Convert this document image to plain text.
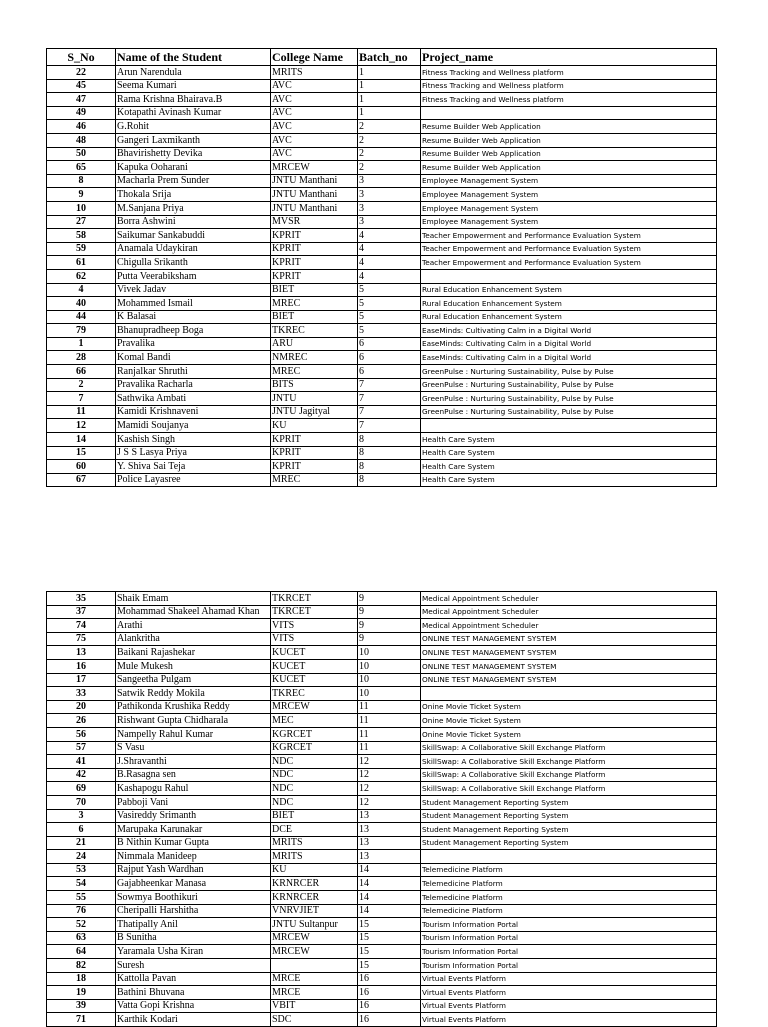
S_No	Name of the Student	College Name	Batch_no	Project_name
22	Arun Narendula	MRITS	1	Fitness Tracking and Wellness platform
45	Seema Kumari	AVC	1	Fitness Tracking and Wellness platform
47	Rama Krishna Bhairava.B	AVC	1	Fitness Tracking and Wellness platform
49	Kotapathi Avinash Kumar	AVC	1	
46	G.Rohit	AVC	2	Resume Builder Web Application
48	Gangeri Laxmikanth	AVC	2	Resume Builder Web Application
50	Bhavirishetty Devika	AVC	2	Resume Builder Web Application
65	Kapuka Ooharani	MRCEW	2	Resume Builder Web Application
8	Macharla Prem Sunder	JNTU Manthani	3	Employee Management System
9	Thokala Srija	JNTU Manthani	3	Employee Management System
10	M.Sanjana Priya	JNTU Manthani	3	Employee Management System
27	Borra Ashwini	MVSR	3	Employee Management System
58	Saikumar Sankabuddi	KPRIT	4	Teacher Empowerment and Performance Evaluation System
59	Anamala Udaykiran	KPRIT	4	Teacher Empowerment and Performance Evaluation System
61	Chigulla Srikanth	KPRIT	4	Teacher Empowerment and Performance Evaluation System
62	Putta Veerabiksham	KPRIT	4	
4	Vivek Jadav	BIET	5	Rural Education Enhancement System
40	Mohammed Ismail	MREC	5	Rural Education Enhancement System
44	K Balasai	BIET	5	Rural Education Enhancement System
79	Bhanupradheep Boga	TKREC	5	EaseMinds: Cultivating Calm in a Digital World
1	Pravalika	ARU	6	EaseMinds: Cultivating Calm in a Digital World
28	Komal Bandi	NMREC	6	EaseMinds: Cultivating Calm in a Digital World
66	Ranjalkar Shruthi	MREC	6	GreenPulse : Nurturing Sustainability, Pulse by Pulse
2	Pravalika Racharla	BITS	7	GreenPulse : Nurturing Sustainability, Pulse by Pulse
7	Sathwika Ambati	JNTU	7	GreenPulse : Nurturing Sustainability, Pulse by Pulse
11	Kamidi Krishnaveni	JNTU Jagityal	7	GreenPulse : Nurturing Sustainability, Pulse by Pulse
12	Mamidi Soujanya	KU	7	
14	Kashish Singh	KPRIT	8	Health Care System
15	J S S Lasya Priya	KPRIT	8	Health Care System
60	Y. Shiva Sai Teja	KPRIT	8	Health Care System
67	Police Layasree	MREC	8	Health Care System
35	Shaik Emam	TKRCET	9	Medical Appointment Scheduler
37	Mohammad Shakeel Ahamad Khan	TKRCET	9	Medical Appointment Scheduler
74	Arathi	VITS	9	Medical Appointment Scheduler
75	Alankritha	VITS	9	ONLINE TEST MANAGEMENT SYSTEM
13	Baikani Rajashekar	KUCET	10	ONLINE TEST MANAGEMENT SYSTEM
16	Mule Mukesh	KUCET	10	ONLINE TEST MANAGEMENT SYSTEM
17	Sangeetha Pulgam	KUCET	10	ONLINE TEST MANAGEMENT SYSTEM
33	Satwik Reddy Mokila	TKREC	10	
20	Pathikonda Krushika Reddy	MRCEW	11	Onine Movie Ticket System
26	Rishwant Gupta Chidharala	MEC	11	Onine Movie Ticket System
56	Nampelly Rahul Kumar	KGRCET	11	Onine Movie Ticket System
57	S Vasu	KGRCET	11	SkillSwap: A Collaborative Skill Exchange Platform
41	J.Shravanthi	NDC	12	SkillSwap: A Collaborative Skill Exchange Platform
42	B.Rasagna sen	NDC	12	SkillSwap: A Collaborative Skill Exchange Platform
69	Kashapogu Rahul	NDC	12	SkillSwap: A Collaborative Skill Exchange Platform
70	Pabboji Vani	NDC	12	Student Management Reporting System
3	Vasireddy Srimanth	BIET	13	Student Management Reporting System
6	Marupaka Karunakar	DCE	13	Student Management Reporting System
21	B Nithin Kumar Gupta	MRITS	13	Student Management Reporting System
24	Nimmala Manideep	MRITS	13	
53	Rajput Yash Wardhan	KU	14	Telemedicine Platform
54	Gajabheenkar Manasa	KRNRCER	14	Telemedicine Platform
55	Sowmya Boothikuri	KRNRCER	14	Telemedicine Platform
76	Cheripalli Harshitha	VNRVJIET	14	Telemedicine Platform
52	Thatipally Anil	JNTU Sultanpur	15	Tourism Information Portal
63	B Sunitha	MRCEW	15	Tourism Information Portal
64	Yaramala Usha Kiran	MRCEW	15	Tourism Information Portal
82	Suresh		15	Tourism Information Portal
18	Kattolla Pavan	MRCE	16	Virtual Events Platform
19	Bathini Bhuvana	MRCE	16	Virtual Events Platform
39	Vatta Gopi Krishna	VBIT	16	Virtual Events Platform
71	Karthik Kodari	SDC	16	Virtual Events Platform
